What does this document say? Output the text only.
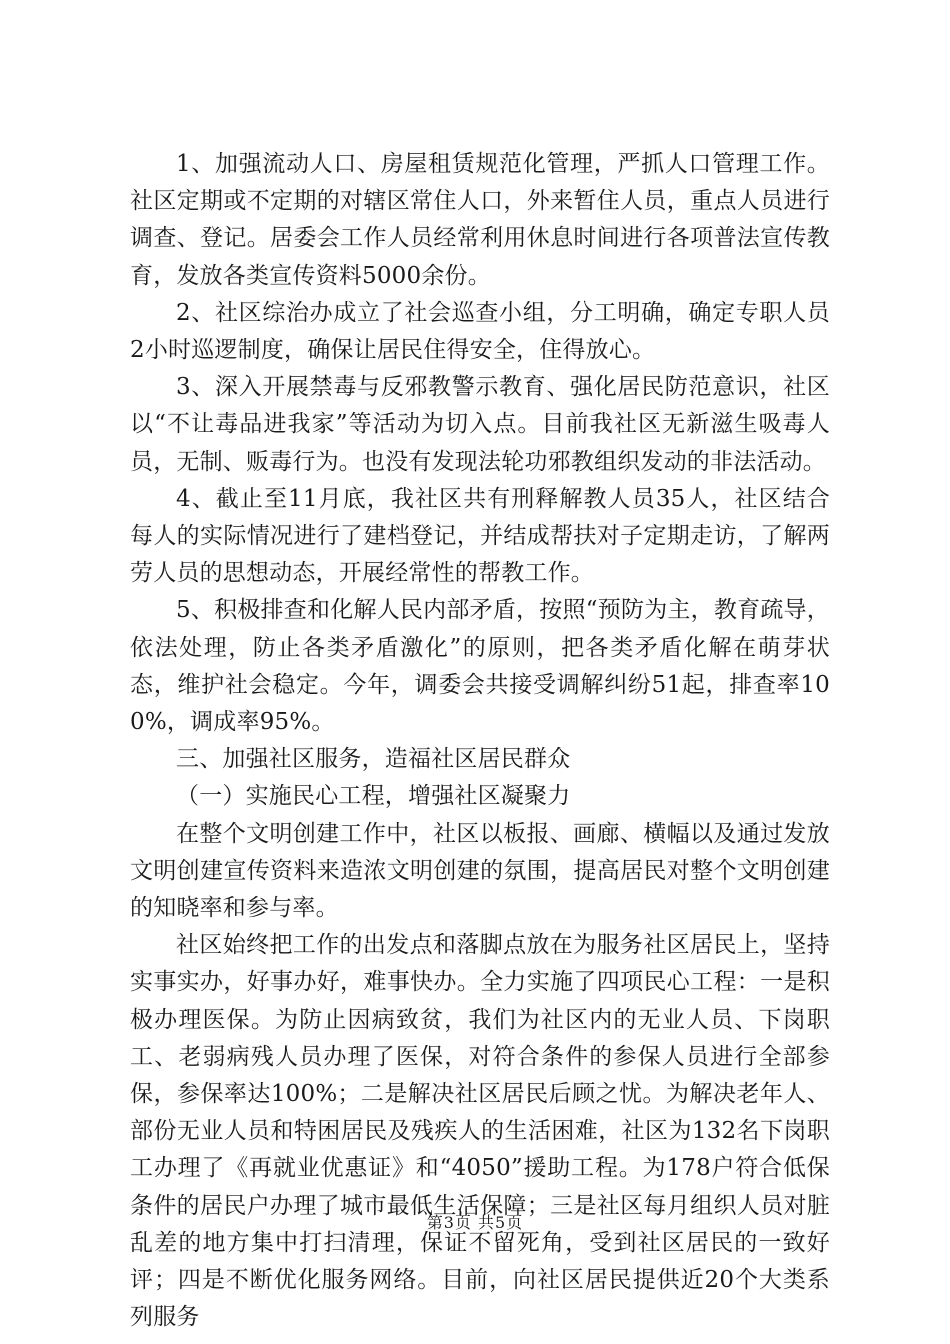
1、加强流动人口、房屋租赁规范化管理，严抓人口管理工作。社区定期或不定期的对辖区常住人口，外来暂住人员，重点人员进行调查、登记。居委会工作人员经常利用休息时间进行各项普法宣传教育，发放各类宣传资料5000余份。

2、社区综治办成立了社会巡查小组，分工明确，确定专职人员2小时巡逻制度，确保让居民住得安全，住得放心。

3、深入开展禁毒与反邪教警示教育、强化居民防范意识，社区以“不让毒品进我家”等活动为切入点。目前我社区无新滋生吸毒人员，无制、贩毒行为。也没有发现法轮功邪教组织发动的非法活动。

4、截止至11月底，我社区共有刑释解教人员35人，社区结合每人的实际情况进行了建档登记，并结成帮扶对子定期走访，了解两劳人员的思想动态，开展经常性的帮教工作。

5、积极排查和化解人民内部矛盾，按照“预防为主，教育疏导，依法处理，防止各类矛盾激化”的原则，把各类矛盾化解在萌芽状态，维护社会稳定。今年，调委会共接受调解纠纷51起，排查率100%，调成率95%。

三、加强社区服务，造福社区居民群众

（一）实施民心工程，增强社区凝聚力

在整个文明创建工作中，社区以板报、画廊、横幅以及通过发放文明创建宣传资料来造浓文明创建的氛围，提高居民对整个文明创建的知晓率和参与率。

社区始终把工作的出发点和落脚点放在为服务社区居民上，坚持实事实办，好事办好，难事快办。全力实施了四项民心工程：一是积极办理医保。为防止因病致贫，我们为社区内的无业人员、下岗职工、老弱病残人员办理了医保，对符合条件的参保人员进行全部参保，参保率达100%；二是解决社区居民后顾之忧。为解决老年人、部份无业人员和特困居民及残疾人的生活困难，社区为132名下岗职工办理了《再就业优惠证》和“4050”援助工程。为178户符合低保条件的居民户办理了城市最低生活保障；三是社区每月组织人员对脏乱差的地方集中打扫清理，保证不留死角，受到社区居民的一致好评；四是不断优化服务网络。目前，向社区居民提供近20个大类系列服务

第3页 共5页
